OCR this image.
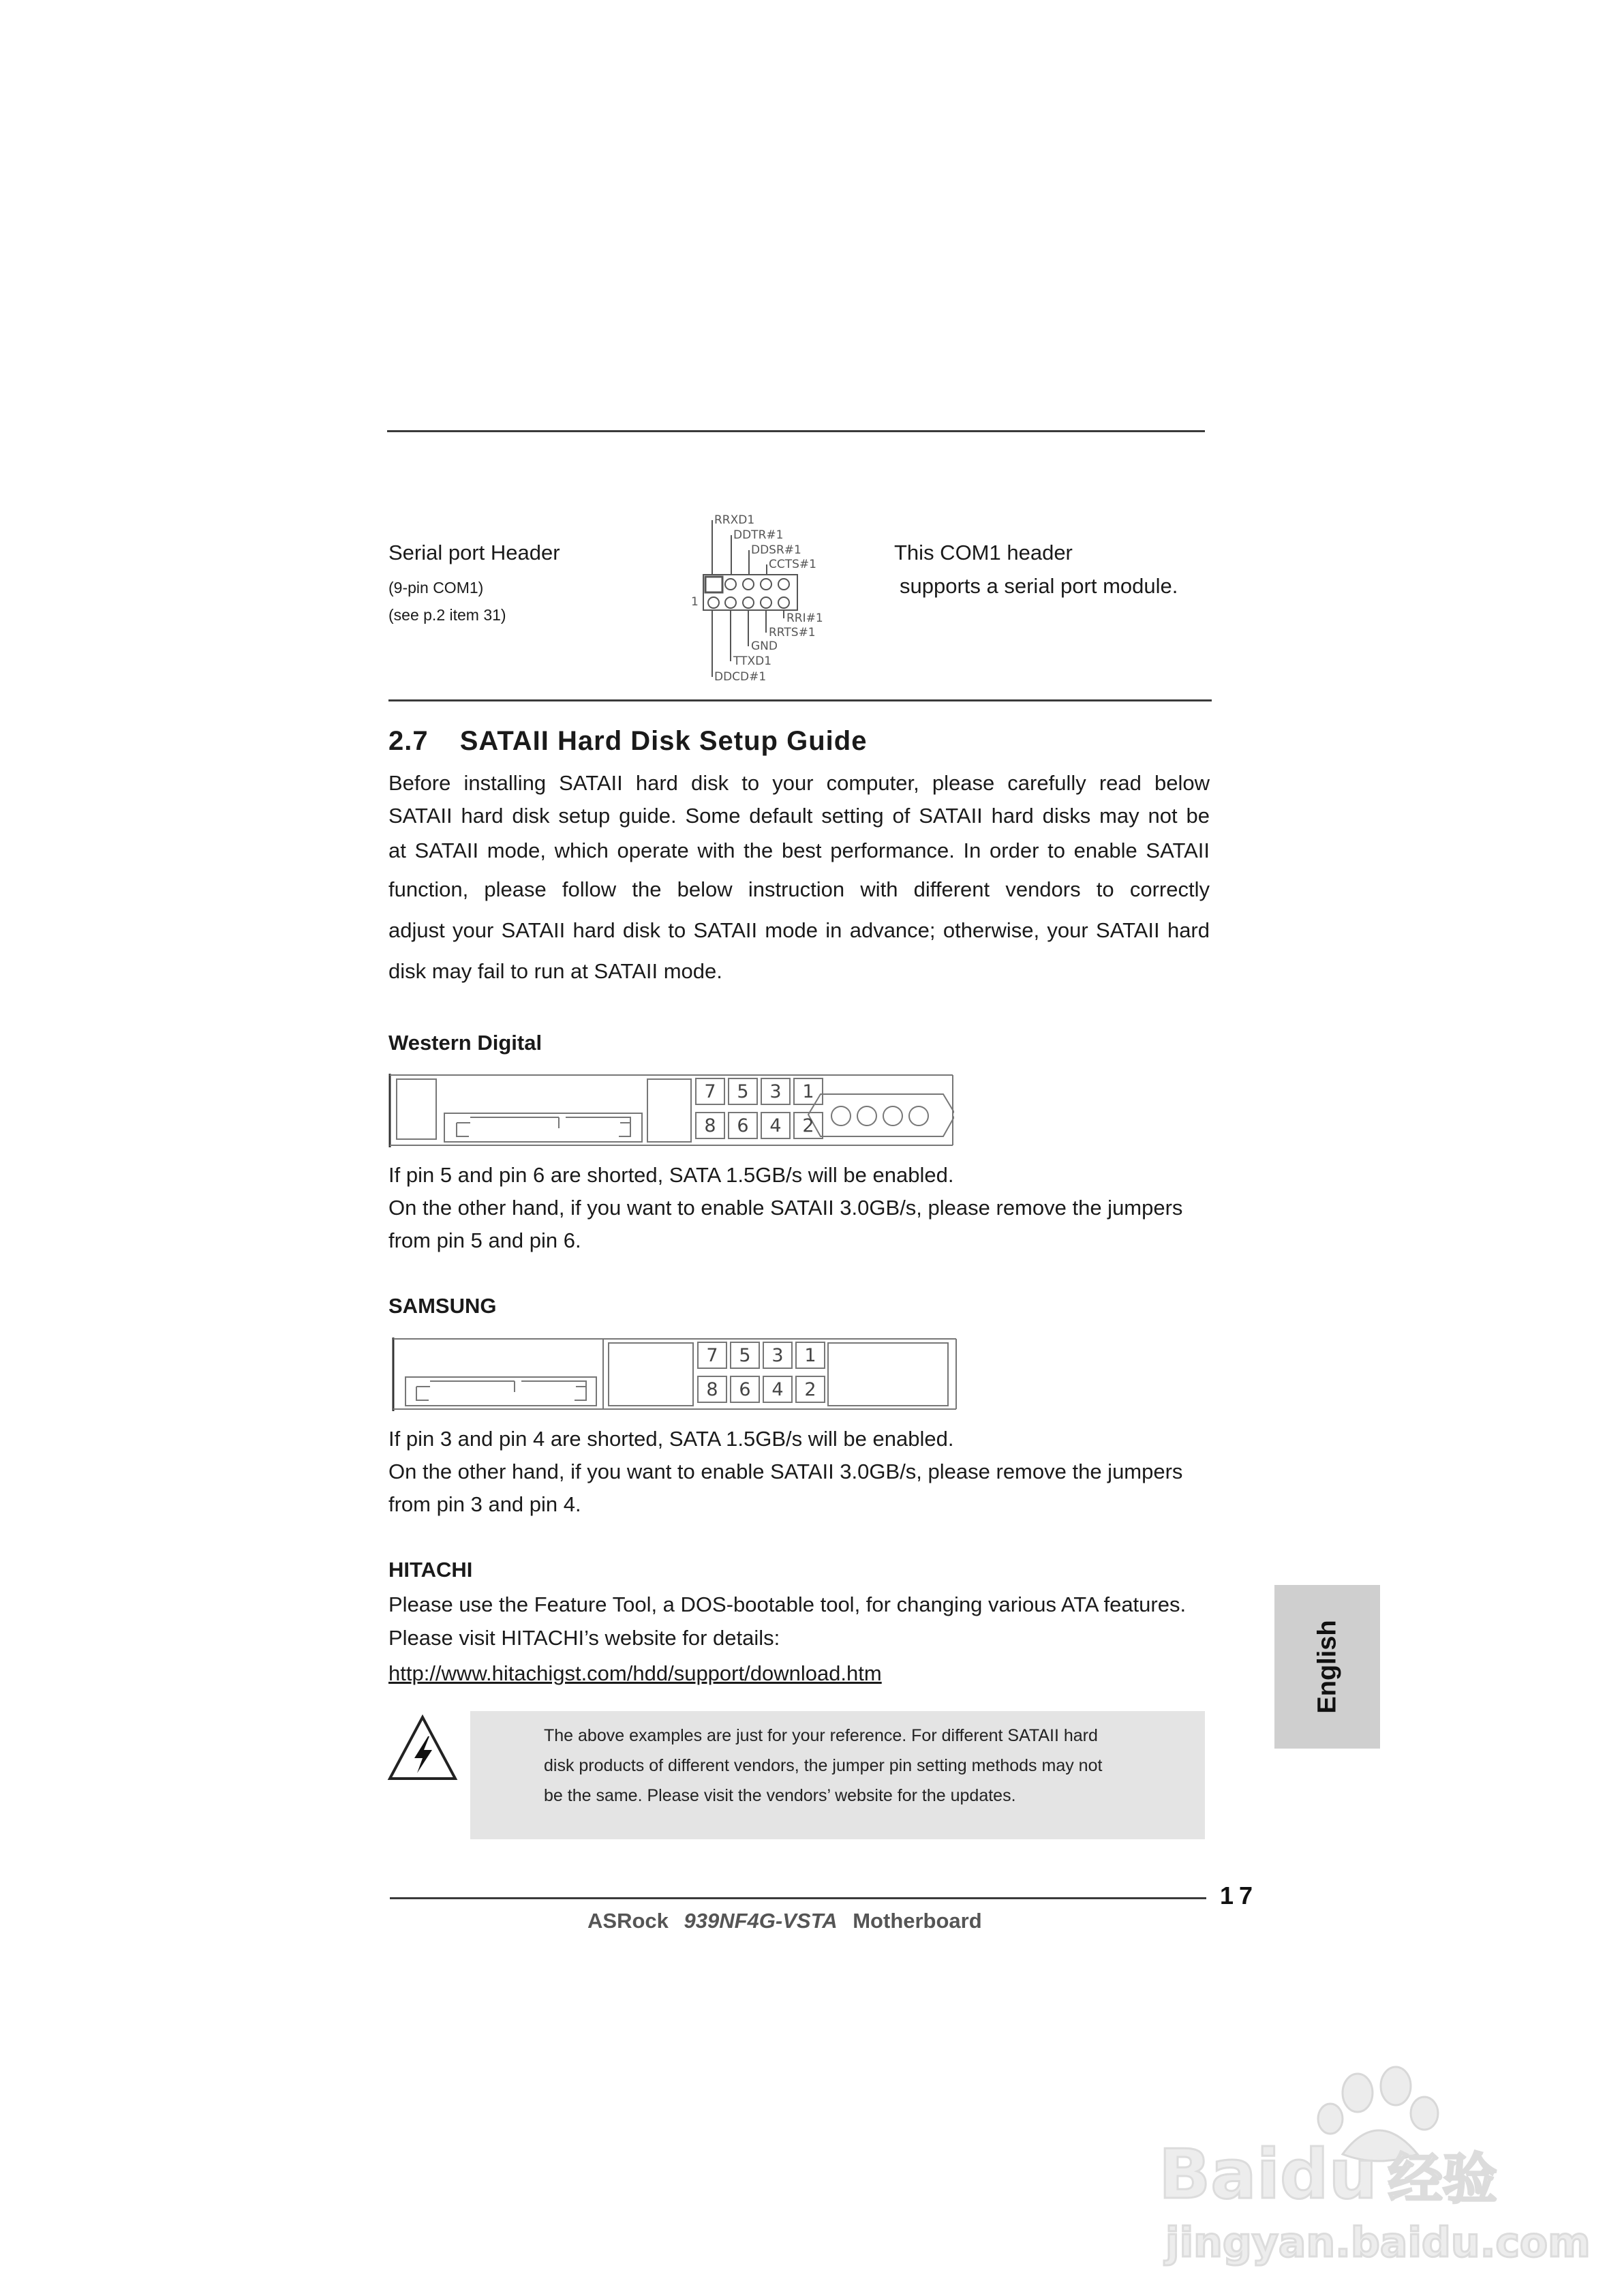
Serial port Header
(9-pin COM1)
(see p.2 item 31)
This COM1 header
supports a serial port module.
RRXD1
DDTR#1
DDSR#1
CCTS#1
1
RRI#1
RRTS#1
GND
TTXD1
DDCD#1
2.7 SATAII Hard Disk Setup Guide

Before installing SATAII hard disk to your computer, please carefully read below

SATAII hard disk setup guide. Some default setting of SATAII hard disks may not be

at SATAII mode, which operate with the best performance. In order to enable SATAII

function, please follow the below instruction with different vendors to correctly

adjust your SATAII hard disk to SATAII mode in advance; otherwise, your SATAII hard

disk may fail to run at SATAII mode.

Western Digital
7	5	3	1
8	6	4	2

If pin 5 and pin 6 are shorted, SATA 1.5GB/s will be enabled.

On the other hand, if you want to enable SATAII 3.0GB/s, please remove the jumpers

from pin 5 and pin 6.

SAMSUNG
7	5	3	1
8	6	4	2

If pin 3 and pin 4 are shorted, SATA 1.5GB/s will be enabled.

On the other hand, if you want to enable SATAII 3.0GB/s, please remove the jumpers

from pin 3 and pin 4.

HITACHI

Please use the Feature Tool, a DOS-bootable tool, for changing various ATA features.

Please visit HITACHI’s website for details:

http://www.hitachigst.com/hdd/support/download.htm

The above examples are just for your reference. For different SATAII hard

disk products of different vendors, the jumper pin setting methods may not

be the same. Please visit the vendors’ website for the updates.

English
17
ASRock 939NF4G-VSTA Motherboard
Baidu 经验
jingyan.baidu.com
